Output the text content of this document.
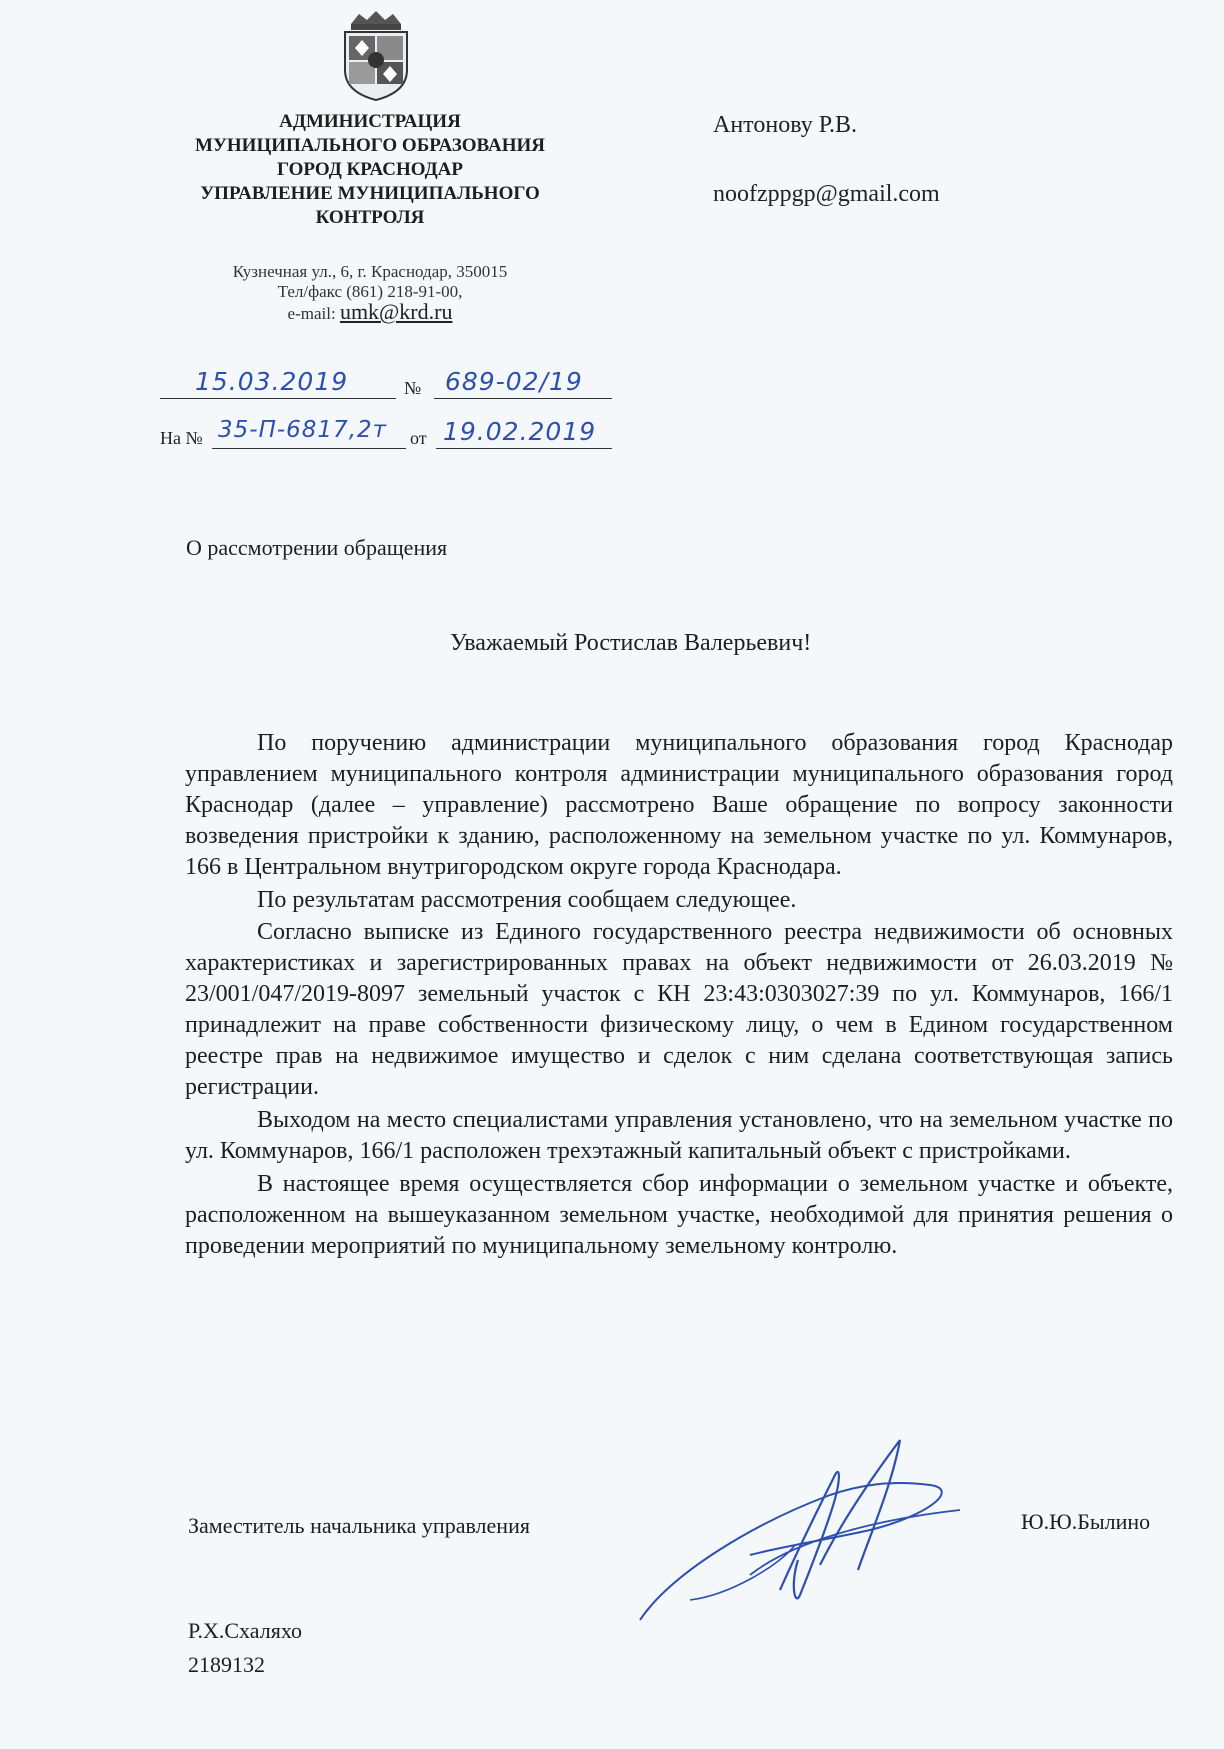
АДМИНИСТРАЦИЯ
МУНИЦИПАЛЬНОГО ОБРАЗОВАНИЯ
ГОРОД КРАСНОДАР
УПРАВЛЕНИЕ МУНИЦИПАЛЬНОГО
КОНТРОЛЯ
Кузнечная ул., 6, г. Краснодар, 350015
Тел/факс (861) 218-91-00,
e-mail: umk@krd.ru
15.03.2019	№ 689-02/19
На № 35-П-6817,2т от 19.02.2019
Антонову Р.В.
noofzppgp@gmail.com
О рассмотрении обращения
Уважаемый Ростислав Валерьевич!

По поручению администрации муниципального образования город Краснодар управлением муниципального контроля администрации муниципального образования город Краснодар (далее – управление) рассмотрено Ваше обращение по вопросу законности возведения пристройки к зданию, расположенному на земельном участке по ул. Коммунаров, 166 в Центральном внутригородском округе города Краснодара.

По результатам рассмотрения сообщаем следующее.

Согласно выписке из Единого государственного реестра недвижимости об основных характеристиках и зарегистрированных правах на объект недвижимости от 26.03.2019 № 23/001/047/2019-8097 земельный участок с КН 23:43:0303027:39 по ул. Коммунаров, 166/1 принадлежит на праве собственности физическому лицу, о чем в Едином государственном реестре прав на недвижимое имущество и сделок с ним сделана соответствующая запись регистрации.

Выходом на место специалистами управления установлено, что на земельном участке по ул. Коммунаров, 166/1 расположен трехэтажный капитальный объект с пристройками.

В настоящее время осуществляется сбор информации о земельном участке и объекте, расположенном на вышеуказанном земельном участке, необходимой для принятия решения о проведении мероприятий по муниципальному земельному контролю.

Заместитель начальника управления	Ю.Ю.Былино
Р.Х.Схаляхо
2189132
